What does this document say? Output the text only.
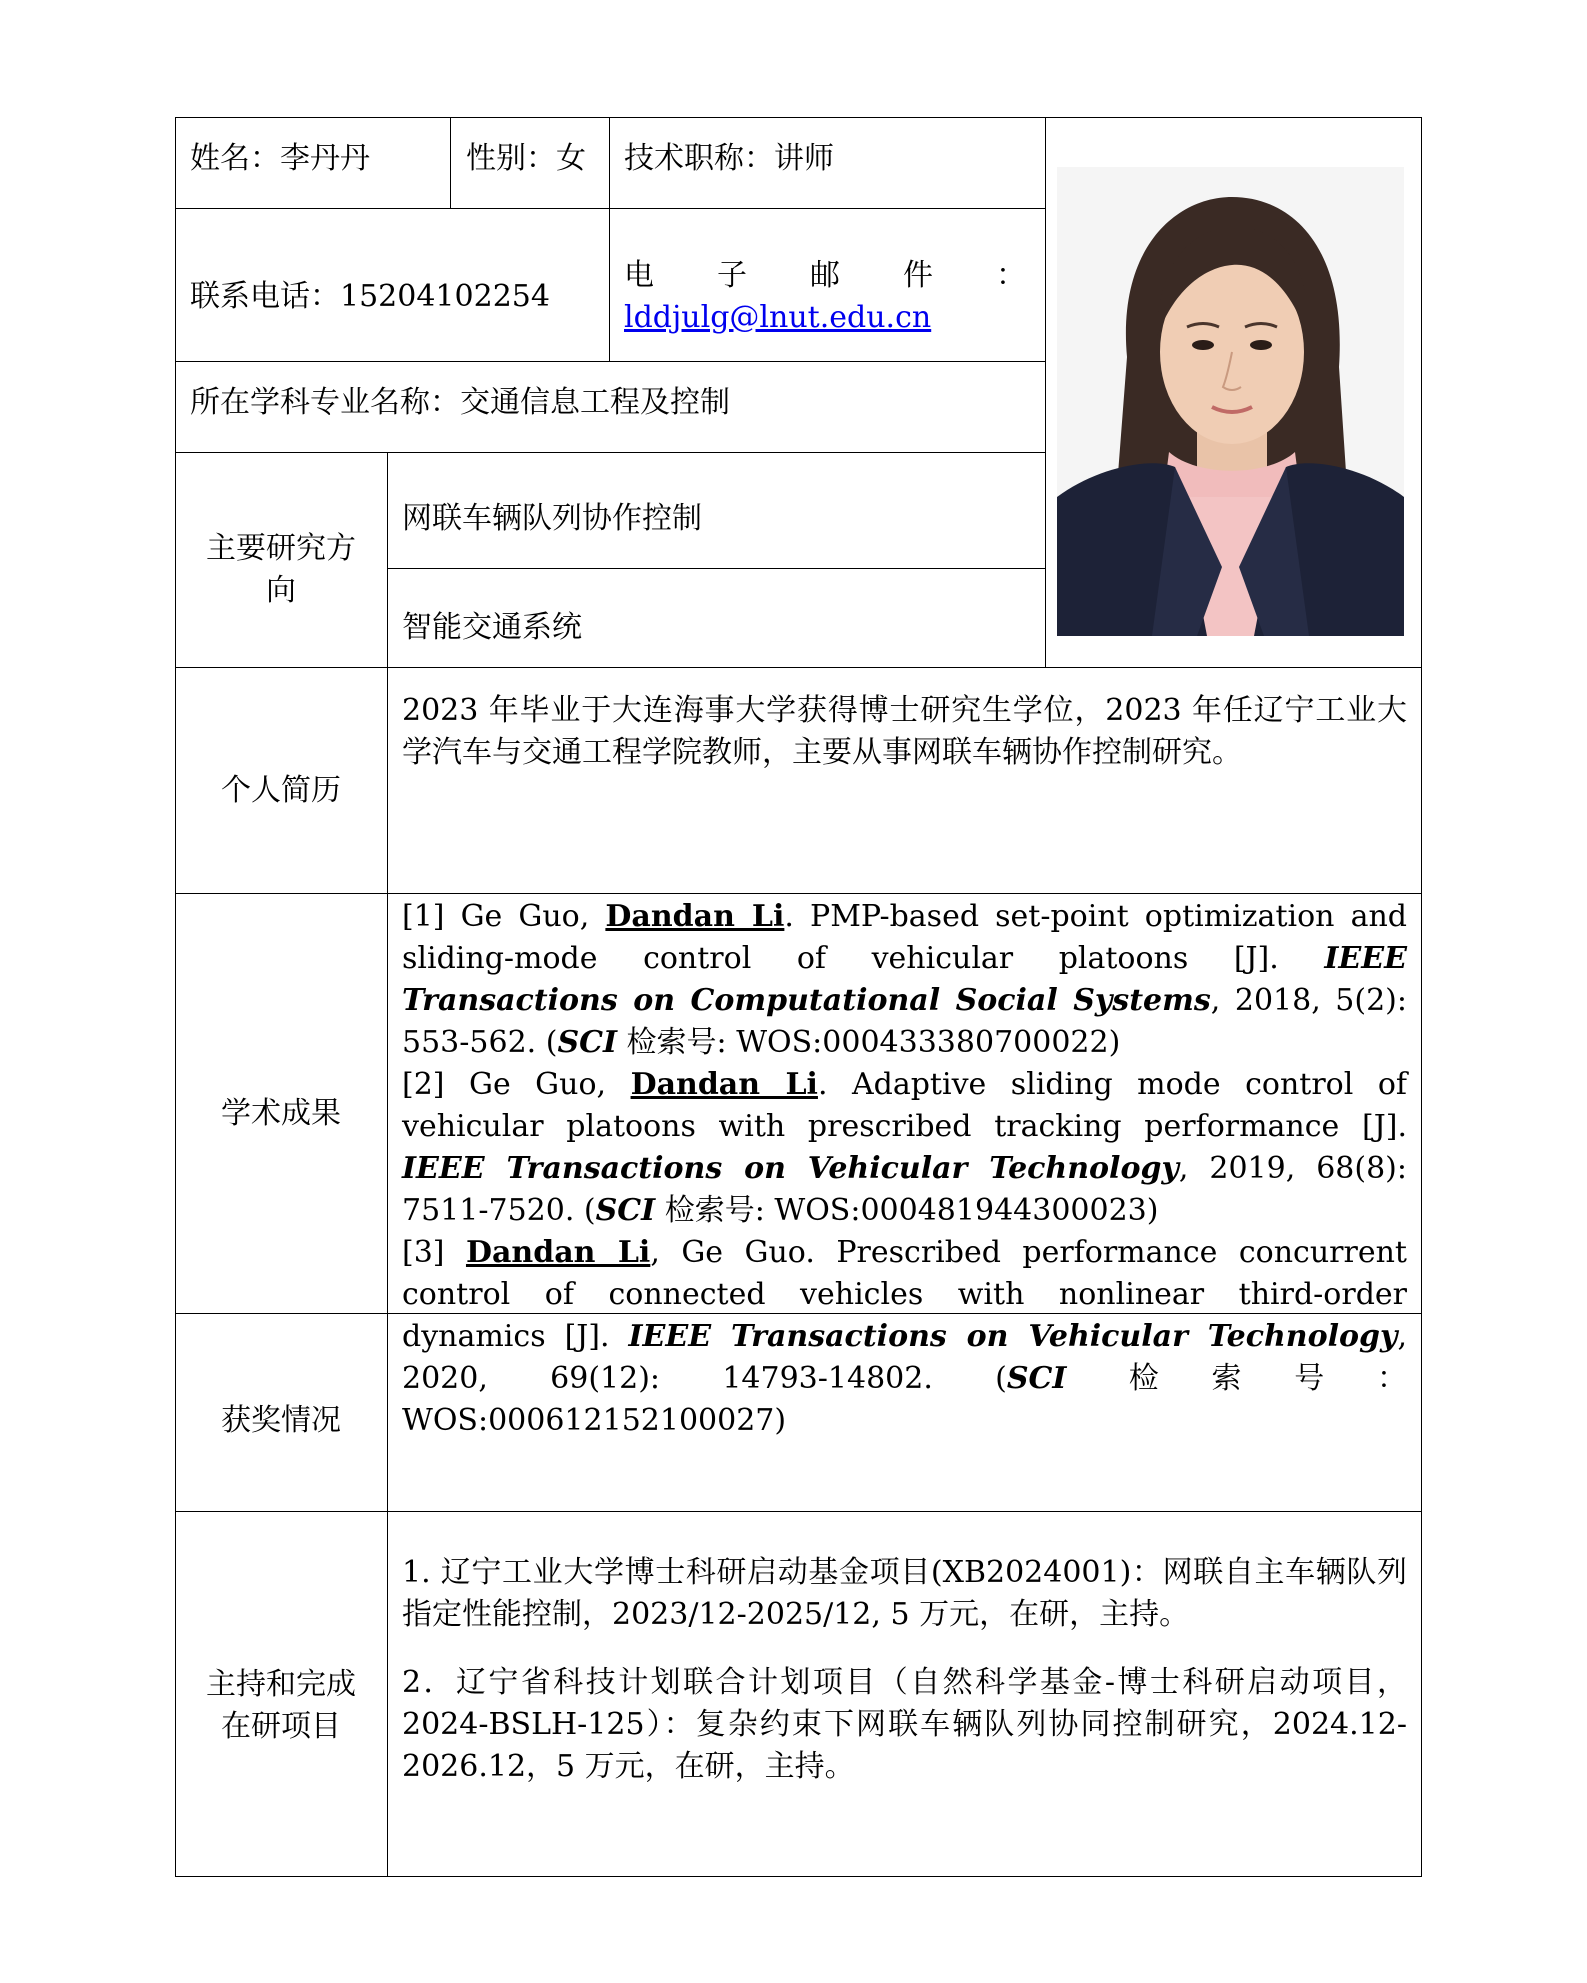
姓名：李丹丹	性别：女 技术职称：讲师
联系电话：15204102254
电　　子　　邮　　件　　：
lddjulg@lnut.edu.cn
所在学科专业名称：交通信息工程及控制
主要研究方向
网联车辆队列协作控制
智能交通系统
个人简历
2023 年毕业于大连海事大学获得博士研究生学位，2023 年任辽宁工业大学汽车与交通工程学院教师，主要从事网联车辆协作控制研究。
学术成果

[1] Ge Guo, Dandan Li. PMP-based set-point optimization and sliding-mode control of vehicular platoons [J]. IEEE Transactions on Computational Social Systems, 2018, 5(2): 553-562. (SCI 检索号: WOS:000433380700022)

[2] Ge Guo, Dandan Li. Adaptive sliding mode control of vehicular platoons with prescribed tracking performance [J]. IEEE Transactions on Vehicular Technology, 2019, 68(8): 7511-7520. (SCI 检索号: WOS:000481944300023)

[3] Dandan Li, Ge Guo. Prescribed performance concurrent control of connected vehicles with nonlinear third-order dynamics [J]. IEEE Transactions on Vehicular Technology, 2020, 69(12): 14793-14802. (SCI 检索号：WOS:000612152100027)

获奖情况
主持和完成在研项目
1. 辽宁工业大学博士科研启动基金项目(XB2024001)：网联自主车辆队列指定性能控制，2023/12-2025/12, 5 万元，在研，主持。
2．辽宁省科技计划联合计划项目（自然科学基金-博士科研启动项目，2024-BSLH-125）：复杂约束下网联车辆队列协同控制研究，2024.12-2026.12，5 万元，在研，主持。
